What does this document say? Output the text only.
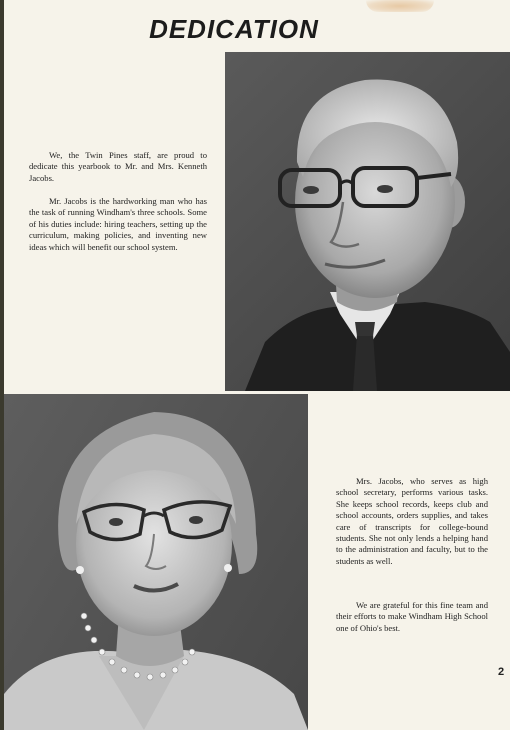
DEDICATION

We, the Twin Pines staff, are proud to dedicate this yearbook to Mr. and Mrs. Kenneth Jacobs.

Mr. Jacobs is the hardworking man who has the task of running Windham's three schools. Some of his duties include: hiring teachers, setting up the curriculum, making policies, and inventing new ideas which will benefit our school system.

Mrs. Jacobs, who serves as high school secretary, performs various tasks. She keeps school records, keeps club and school accounts, orders supplies, and takes care of transcripts for college-bound students. She not only lends a helping hand to the administration and faculty, but to the students as well.

We are grateful for this fine team and their efforts to make Windham High School one of Ohio's best.

2
